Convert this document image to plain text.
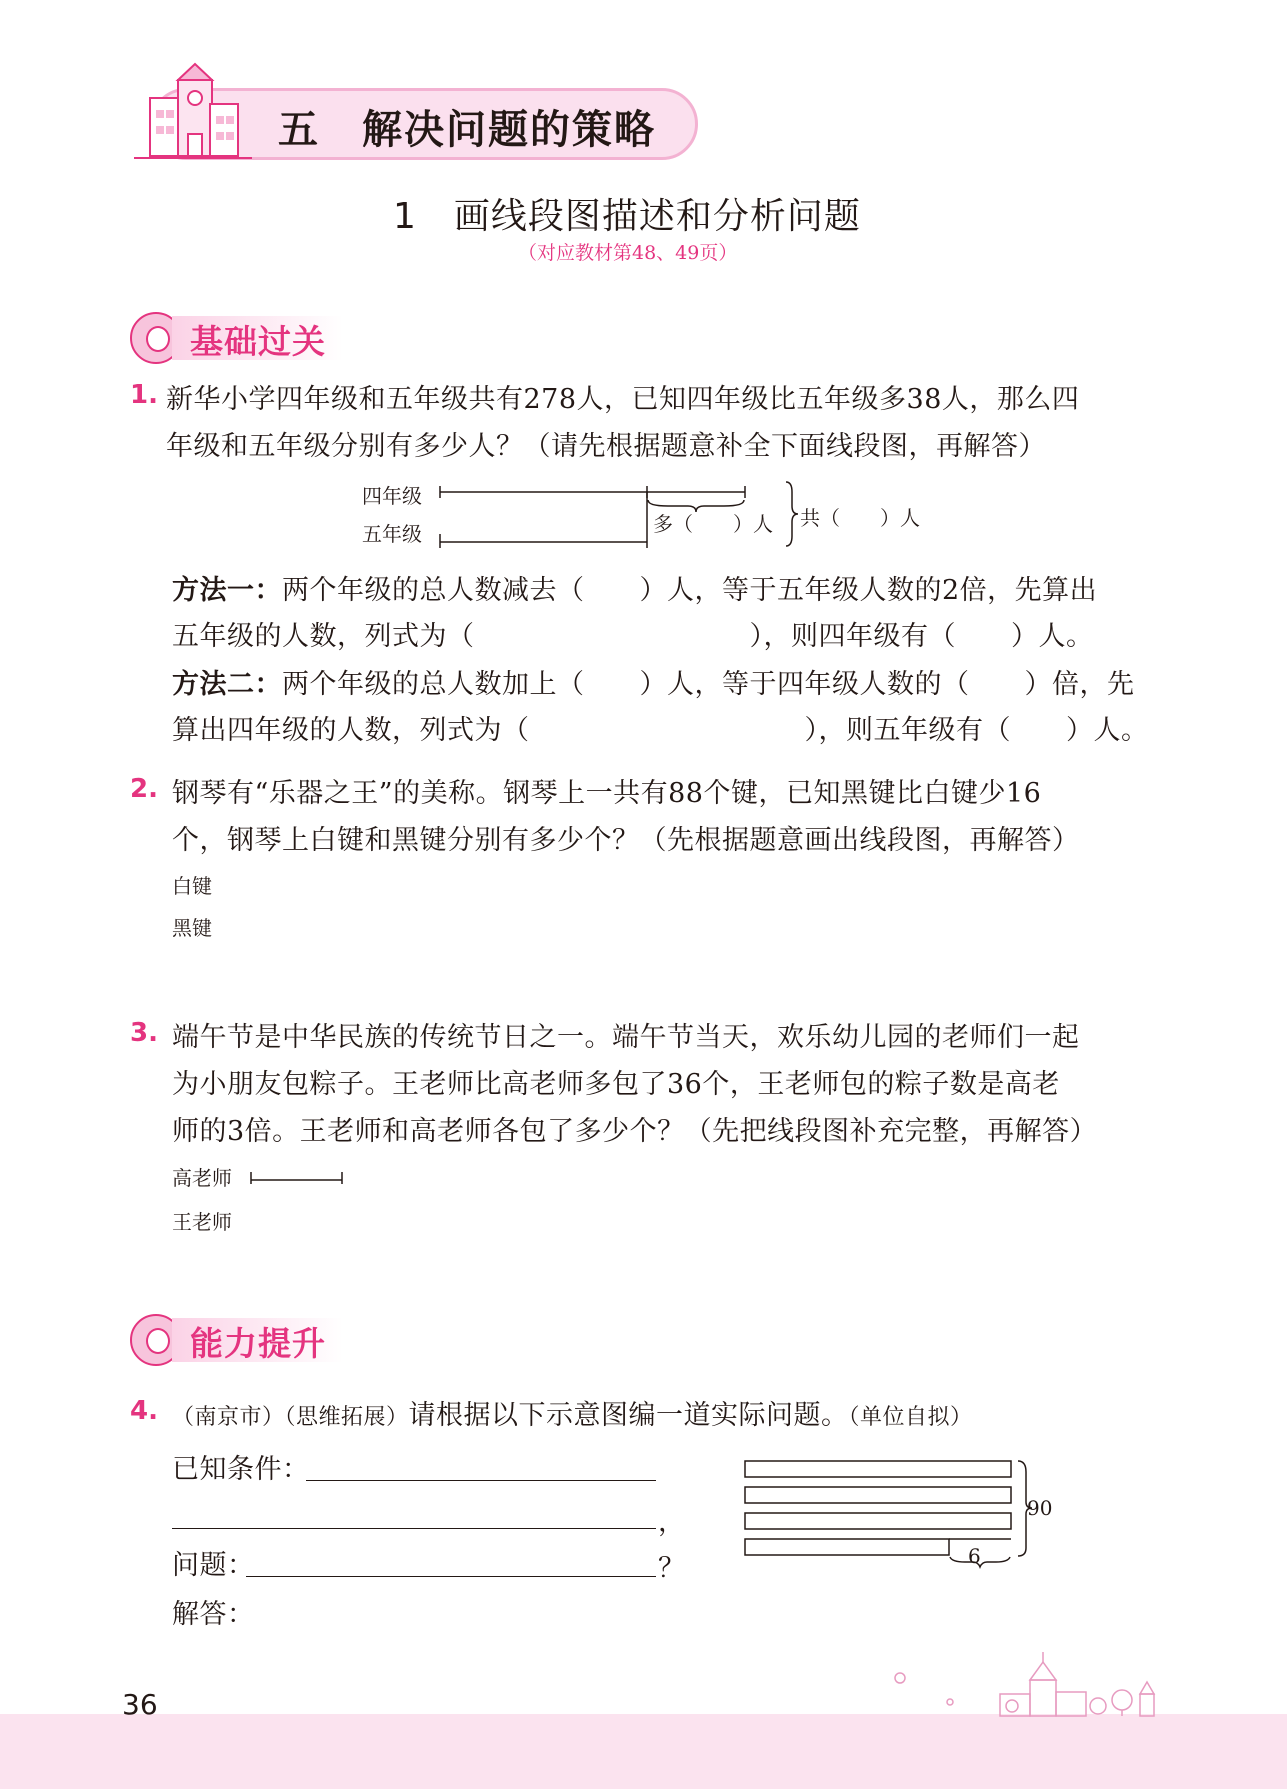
五　解决问题的策略
1　画线段图描述和分析问题
（对应教材第48、49页）
基础过关
1. 新华小学四年级和五年级共有278人，已知四年级比五年级多38人，那么四
年级和五年级分别有多少人？（请先根据题意补全下面线段图，再解答）
四年级
五年级	多（　　）人 共（　　）人
方法一：两个年级的总人数减去（　　）人，等于五年级人数的2倍，先算出
五年级的人数，列式为（　　　　　　　　　　），则四年级有（　　）人。
方法二：两个年级的总人数加上（　　）人，等于四年级人数的（　　）倍，先
算出四年级的人数，列式为（　　　　　　　　　　），则五年级有（　　）人。
2. 钢琴有“乐器之王”的美称。钢琴上一共有88个键，已知黑键比白键少16
个，钢琴上白键和黑键分别有多少个？（先根据题意画出线段图，再解答）
白键
黑键
3. 端午节是中华民族的传统节日之一。端午节当天，欢乐幼儿园的老师们一起
为小朋友包粽子。王老师比高老师多包了36个，王老师包的粽子数是高老
师的3倍。王老师和高老师各包了多少个？（先把线段图补充完整，再解答）
高老师
王老师
能力提升
4. （南京市）（思维拓展）请根据以下示意图编一道实际问题。（单位自拟）
已知条件：
，
问题：	？
解答：
90
6
36
